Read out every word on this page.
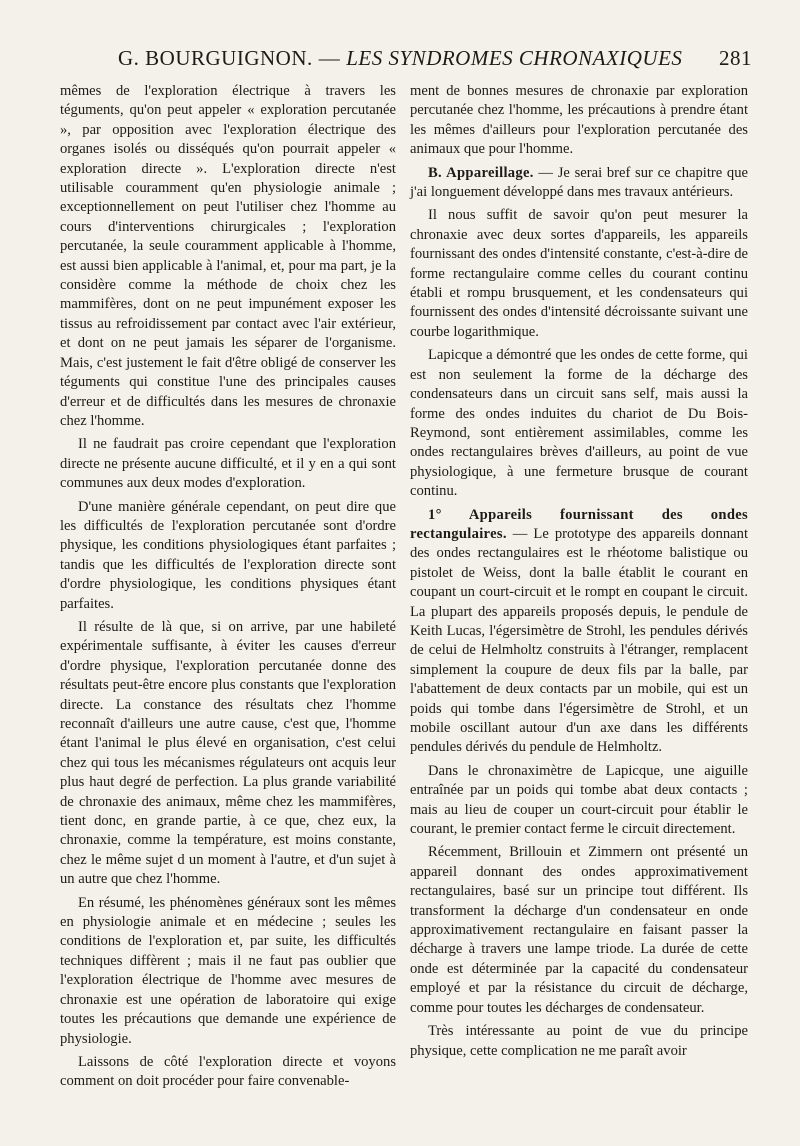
G. BOURGUIGNON. — LES SYNDROMES CHRONAXIQUES 281

mêmes de l'exploration électrique à travers les téguments, qu'on peut appeler « exploration percutanée », par opposition avec l'exploration électrique des organes isolés ou disséqués qu'on pourrait appeler « exploration directe ». L'exploration directe n'est utilisable couramment qu'en physiologie animale ; exceptionnellement on peut l'utiliser chez l'homme au cours d'interventions chirurgicales ; l'exploration percutanée, la seule couramment applicable à l'homme, est aussi bien applicable à l'animal, et, pour ma part, je la considère comme la méthode de choix chez les mammifères, dont on ne peut impunément exposer les tissus au refroidissement par contact avec l'air extérieur, et dont on ne peut jamais les séparer de l'organisme. Mais, c'est justement le fait d'être obligé de conserver les téguments qui constitue l'une des principales causes d'erreur et de difficultés dans les mesures de chronaxie chez l'homme.

Il ne faudrait pas croire cependant que l'exploration directe ne présente aucune difficulté, et il y en a qui sont communes aux deux modes d'exploration.

D'une manière générale cependant, on peut dire que les difficultés de l'exploration percutanée sont d'ordre physique, les conditions physiologiques étant parfaites ; tandis que les difficultés de l'exploration directe sont d'ordre physiologique, les conditions physiques étant parfaites.

Il résulte de là que, si on arrive, par une habileté expérimentale suffisante, à éviter les causes d'erreur d'ordre physique, l'exploration percutanée donne des résultats peut-être encore plus constants que l'exploration directe. La constance des résultats chez l'homme reconnaît d'ailleurs une autre cause, c'est que, l'homme étant l'animal le plus élevé en organisation, c'est celui chez qui tous les mécanismes régulateurs ont acquis leur plus haut degré de perfection. La plus grande variabilité de chronaxie des animaux, même chez les mammifères, tient donc, en grande partie, à ce que, chez eux, la chronaxie, comme la température, est moins constante, chez le même sujet d un moment à l'autre, et d'un sujet à un autre que chez l'homme.

En résumé, les phénomènes généraux sont les mêmes en physiologie animale et en médecine ; seules les conditions de l'exploration et, par suite, les difficultés techniques diffèrent ; mais il ne faut pas oublier que l'exploration électrique de l'homme avec mesures de chronaxie est une opération de laboratoire qui exige toutes les précautions que demande une expérience de physiologie.

Laissons de côté l'exploration directe et voyons comment on doit procéder pour faire convenable-

ment de bonnes mesures de chronaxie par exploration percutanée chez l'homme, les précautions à prendre étant les mêmes d'ailleurs pour l'exploration percutanée des animaux que pour l'homme.

B. Appareillage. — Je serai bref sur ce chapitre que j'ai longuement développé dans mes travaux antérieurs.

Il nous suffit de savoir qu'on peut mesurer la chronaxie avec deux sortes d'appareils, les appareils fournissant des ondes d'intensité constante, c'est-à-dire de forme rectangulaire comme celles du courant continu établi et rompu brusquement, et les condensateurs qui fournissent des ondes d'intensité décroissante suivant une courbe logarithmique.

Lapicque a démontré que les ondes de cette forme, qui est non seulement la forme de la décharge des condensateurs dans un circuit sans self, mais aussi la forme des ondes induites du chariot de Du Bois-Reymond, sont entièrement assimilables, comme les ondes rectangulaires brèves d'ailleurs, au point de vue physiologique, à une fermeture brusque de courant continu.

1° Appareils fournissant des ondes rectangulaires. — Le prototype des appareils donnant des ondes rectangulaires est le rhéotome balistique ou pistolet de Weiss, dont la balle établit le courant en coupant un court-circuit et le rompt en coupant le circuit. La plupart des appareils proposés depuis, le pendule de Keith Lucas, l'égersimètre de Strohl, les pendules dérivés de celui de Helmholtz construits à l'étranger, remplacent simplement la coupure de deux fils par la balle, par l'abattement de deux contacts par un mobile, qui est un poids qui tombe dans l'égersimètre de Strohl, et un mobile oscillant autour d'un axe dans les différents pendules dérivés du pendule de Helmholtz.

Dans le chronaximètre de Lapicque, une aiguille entraînée par un poids qui tombe abat deux contacts ; mais au lieu de couper un court-circuit pour établir le courant, le premier contact ferme le circuit directement.

Récemment, Brillouin et Zimmern ont présenté un appareil donnant des ondes approximativement rectangulaires, basé sur un principe tout différent. Ils transforment la décharge d'un condensateur en onde approximativement rectangulaire en faisant passer la décharge à travers une lampe triode. La durée de cette onde est déterminée par la capacité du condensateur employé et par la résistance du circuit de décharge, comme pour toutes les décharges de condensateur.

Très intéressante au point de vue du principe physique, cette complication ne me paraît avoir
